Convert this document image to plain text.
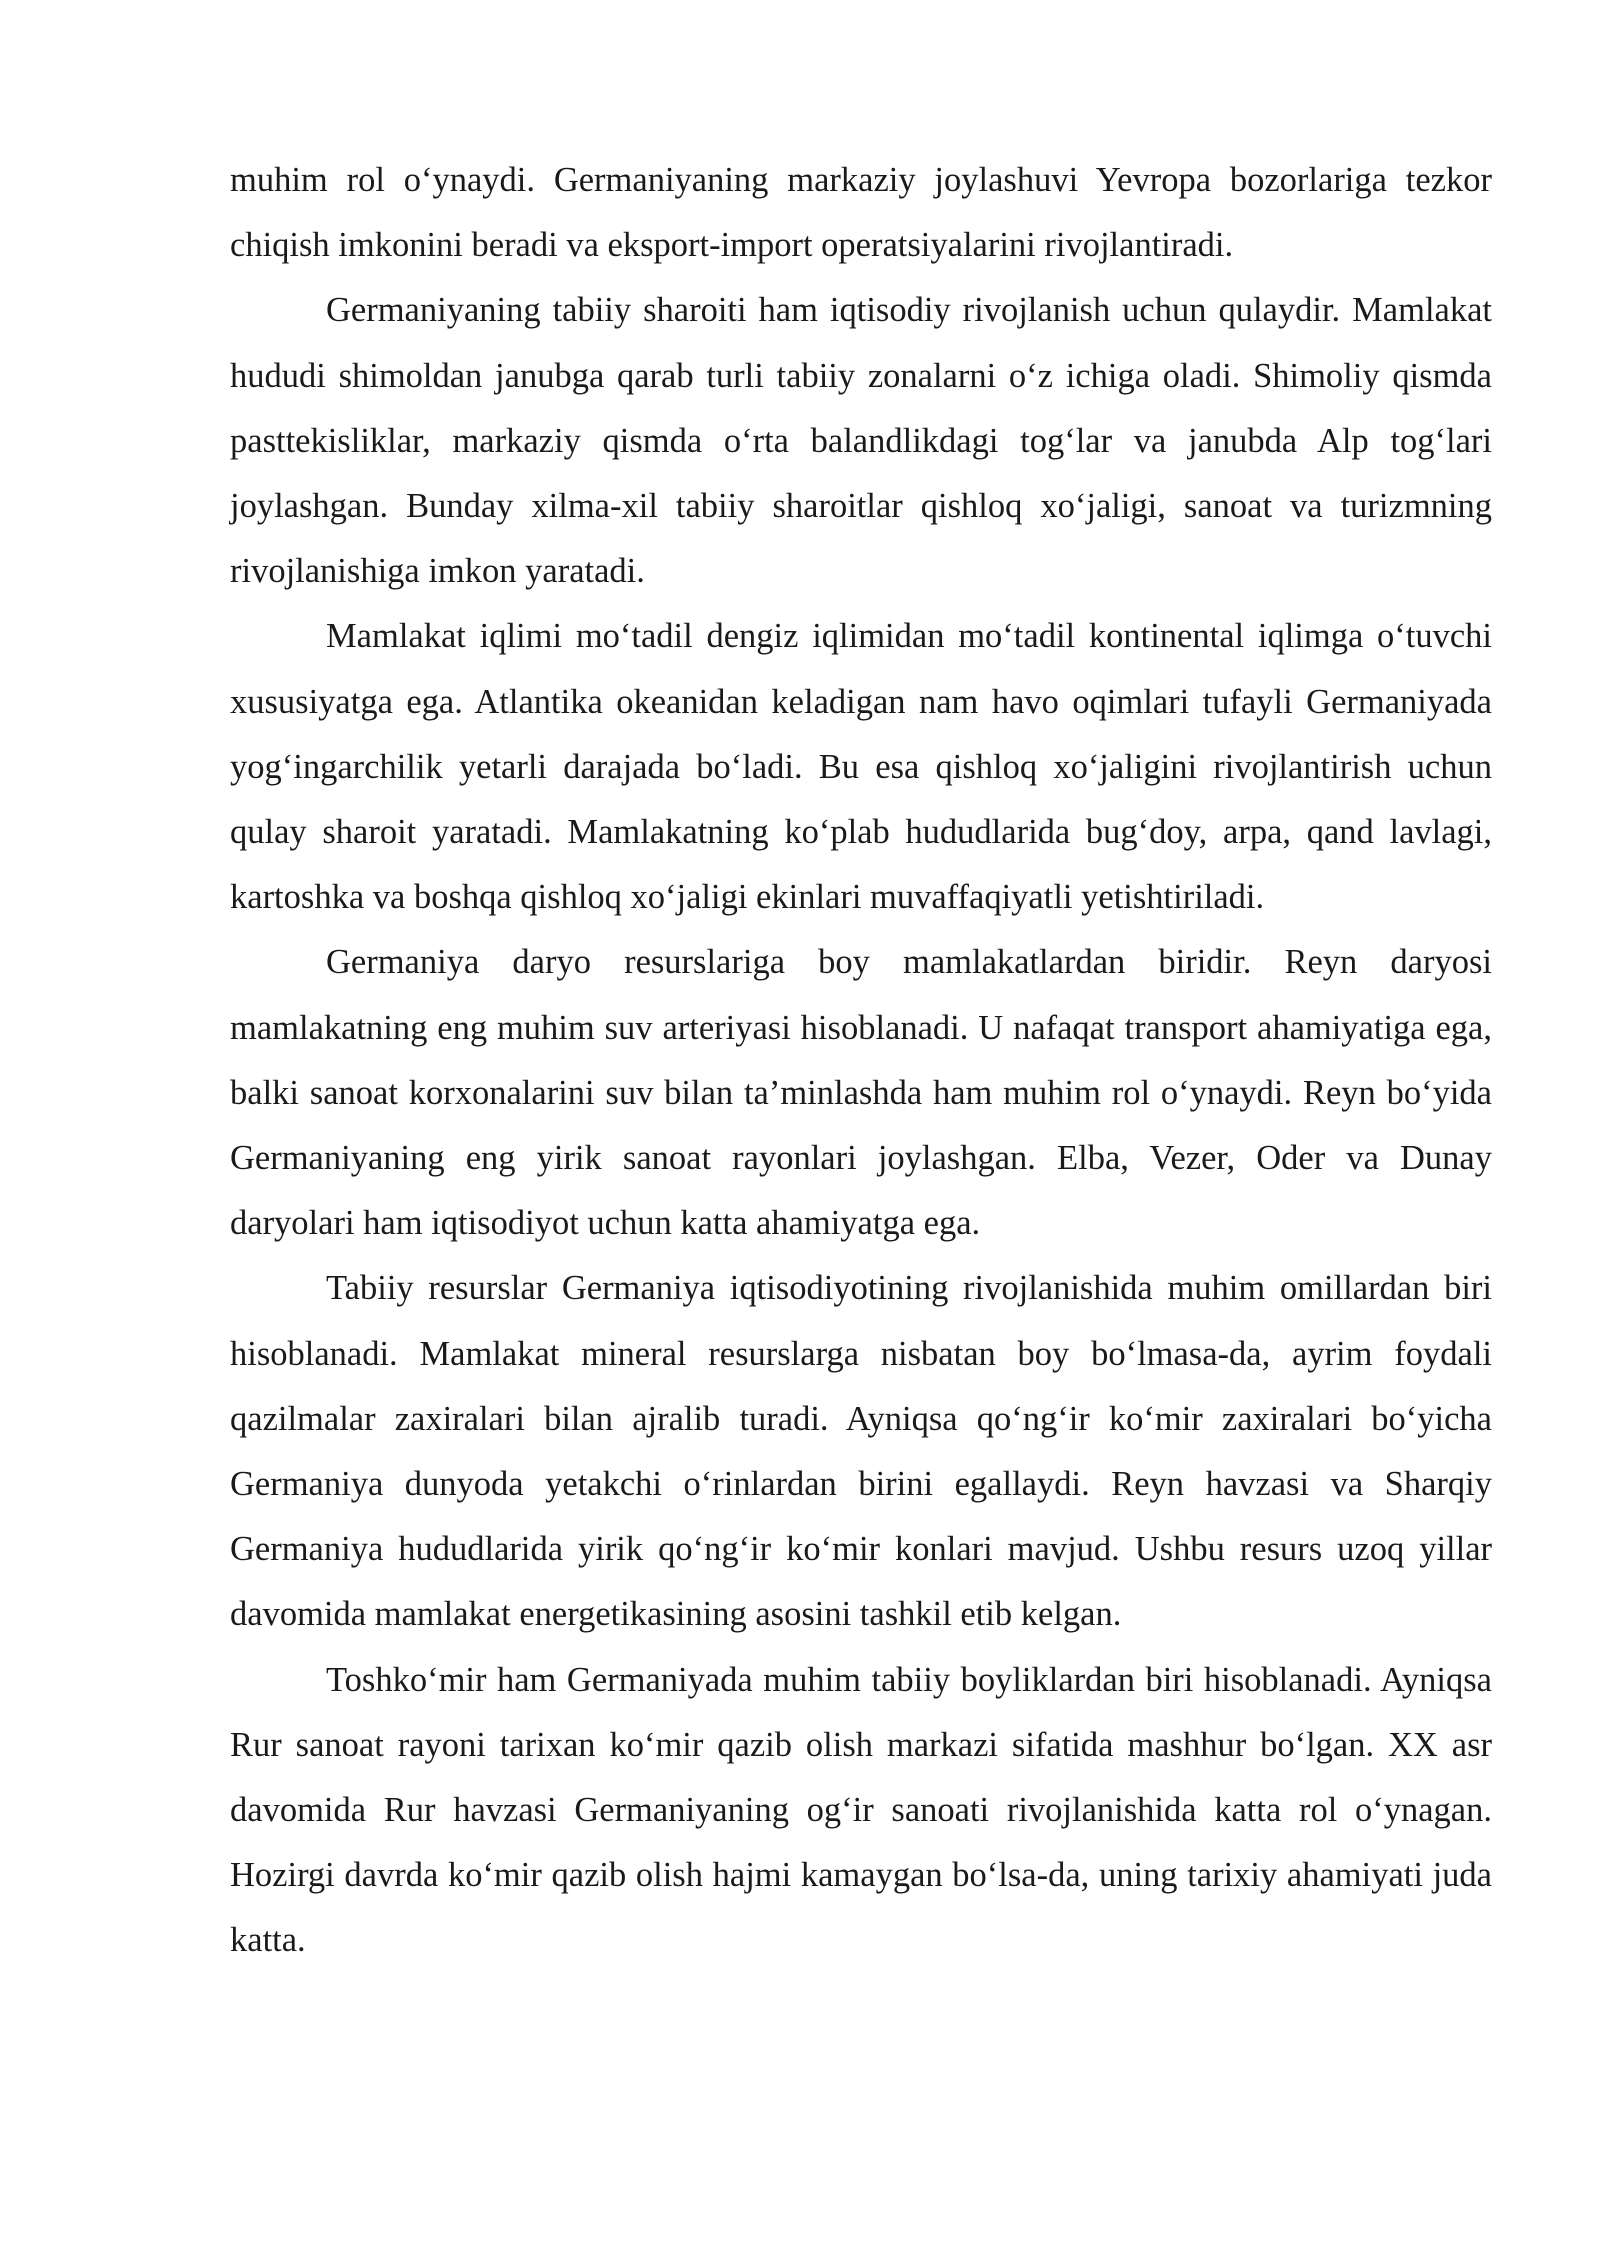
muhim rol o‘ynaydi. Germaniyaning markaziy joylashuvi Yevropa bozorlariga tezkor chiqish imkonini beradi va eksport-import operatsiyalarini rivojlantiradi.

Germaniyaning tabiiy sharoiti ham iqtisodiy rivojlanish uchun qulaydir. Mamlakat hududi shimoldan janubga qarab turli tabiiy zonalarni o‘z ichiga oladi. Shimoliy qismda pasttekisliklar, markaziy qismda o‘rta balandlikdagi tog‘lar va janubda Alp tog‘lari joylashgan. Bunday xilma-xil tabiiy sharoitlar qishloq xo‘jaligi, sanoat va turizmning rivojlanishiga imkon yaratadi.

Mamlakat iqlimi mo‘tadil dengiz iqlimidan mo‘tadil kontinental iqlimga o‘tuvchi xususiyatga ega. Atlantika okeanidan keladigan nam havo oqimlari tufayli Germaniyada yog‘ingarchilik yetarli darajada bo‘ladi. Bu esa qishloq xo‘jaligini rivojlantirish uchun qulay sharoit yaratadi. Mamlakatning ko‘plab hududlarida bug‘doy, arpa, qand lavlagi, kartoshka va boshqa qishloq xo‘jaligi ekinlari muvaffaqiyatli yetishtiriladi.

Germaniya daryo resurslariga boy mamlakatlardan biridir. Reyn daryosi mamlakatning eng muhim suv arteriyasi hisoblanadi. U nafaqat transport ahamiyatiga ega, balki sanoat korxonalarini suv bilan ta’minlashda ham muhim rol o‘ynaydi. Reyn bo‘yida Germaniyaning eng yirik sanoat rayonlari joylashgan. Elba, Vezer, Oder va Dunay daryolari ham iqtisodiyot uchun katta ahamiyatga ega.

Tabiiy resurslar Germaniya iqtisodiyotining rivojlanishida muhim omillardan biri hisoblanadi. Mamlakat mineral resurslarga nisbatan boy bo‘lmasa-da, ayrim foydali qazilmalar zaxiralari bilan ajralib turadi. Ayniqsa qo‘ng‘ir ko‘mir zaxiralari bo‘yicha Germaniya dunyoda yetakchi o‘rinlardan birini egallaydi. Reyn havzasi va Sharqiy Germaniya hududlarida yirik qo‘ng‘ir ko‘mir konlari mavjud. Ushbu resurs uzoq yillar davomida mamlakat energetikasining asosini tashkil etib kelgan.

Toshko‘mir ham Germaniyada muhim tabiiy boyliklardan biri hisoblanadi. Ayniqsa Rur sanoat rayoni tarixan ko‘mir qazib olish markazi sifatida mashhur bo‘lgan. XX asr davomida Rur havzasi Germaniyaning og‘ir sanoati rivojlanishida katta rol o‘ynagan. Hozirgi davrda ko‘mir qazib olish hajmi kamaygan bo‘lsa-da, uning tarixiy ahamiyati juda katta.
